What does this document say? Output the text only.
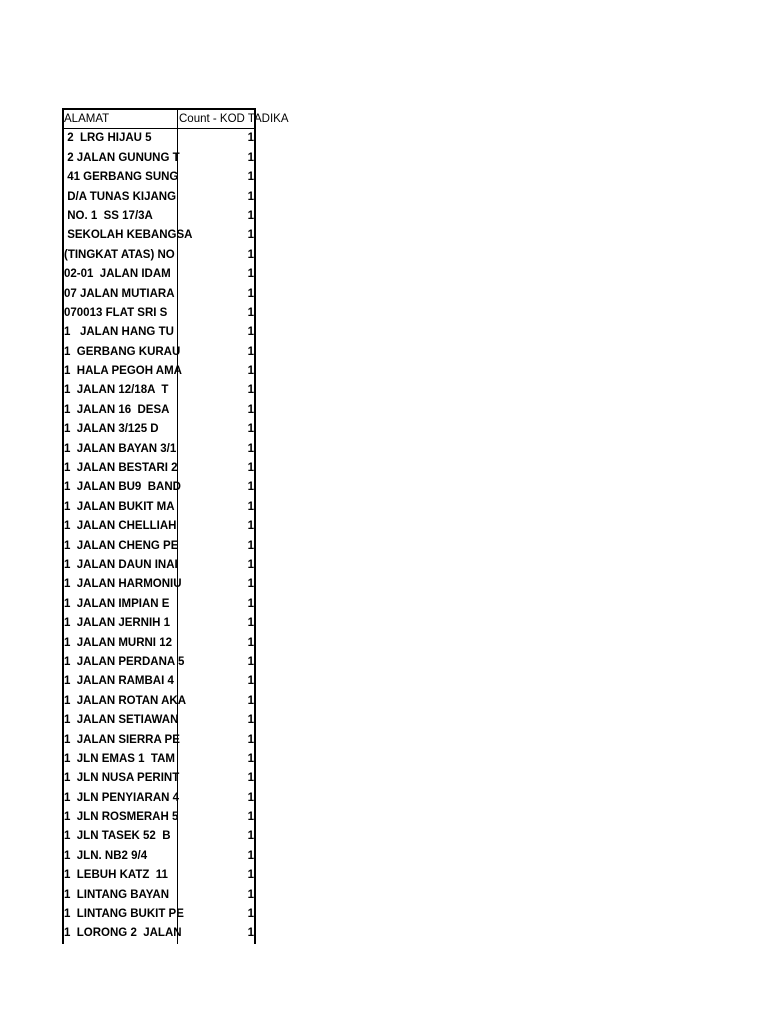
ALAMAT	Count - KOD TADIKA
2  LRG HIJAU 5	1
2 JALAN GUNUNG T	1
41 GERBANG SUNG	1
D/A TUNAS KIJANG	1
NO. 1  SS 17/3A	1
SEKOLAH KEBANGSA	1
(TINGKAT ATAS) NO	1
02-01  JALAN IDAM	1
07 JALAN MUTIARA	1
070013 FLAT SRI S	1
1   JALAN HANG TU	1
1  GERBANG KURAU	1
1  HALA PEGOH AMA	1
1  JALAN 12/18A  T	1
1  JALAN 16  DESA	1
1  JALAN 3/125 D	1
1  JALAN BAYAN 3/1	1
1  JALAN BESTARI 2	1
1  JALAN BU9  BAND	1
1  JALAN BUKIT MA	1
1  JALAN CHELLIAH	1
1  JALAN CHENG PE	1
1  JALAN DAUN INAI	1
1  JALAN HARMONIU	1
1  JALAN IMPIAN E	1
1  JALAN JERNIH 1	1
1  JALAN MURNI 12	1
1  JALAN PERDANA 5	1
1  JALAN RAMBAI 4	1
1  JALAN ROTAN AKA	1
1  JALAN SETIAWAN	1
1  JALAN SIERRA PE	1
1  JLN EMAS 1  TAM	1
1  JLN NUSA PERINT	1
1  JLN PENYIARAN 4	1
1  JLN ROSMERAH 5	1
1  JLN TASEK 52  B	1
1  JLN. NB2 9/4	1
1  LEBUH KATZ  11	1
1  LINTANG BAYAN	1
1  LINTANG BUKIT PE	1
1  LORONG 2  JALAN	1
